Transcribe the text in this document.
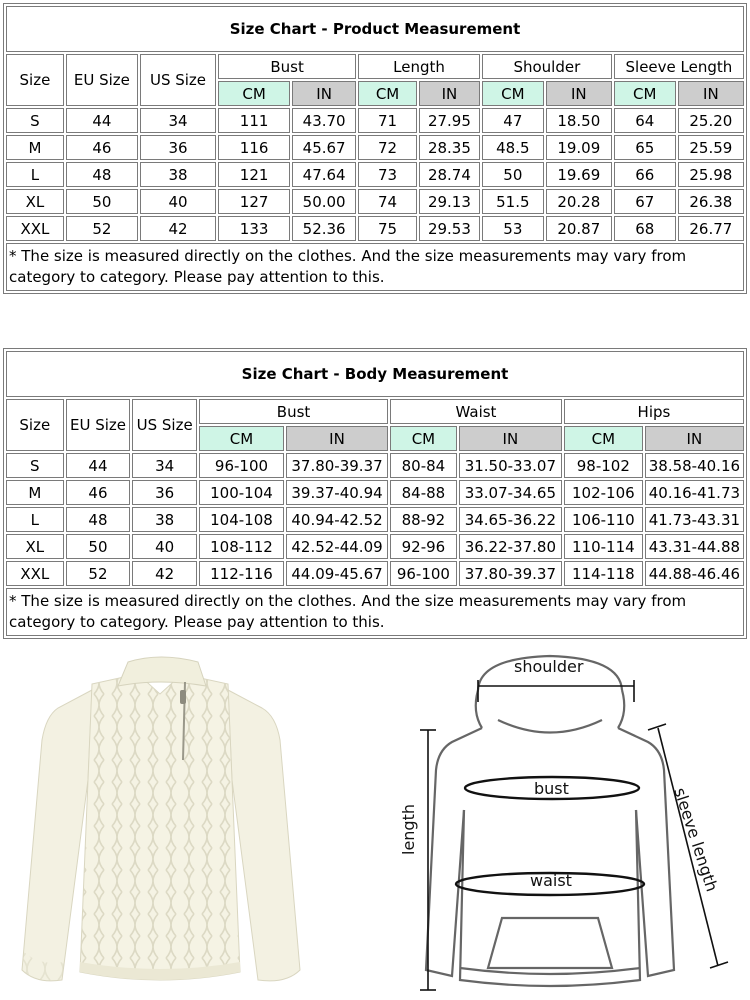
Size Chart - Product Measurement										
Size	EU Size	US Size	Bust		Length		Shoulder		Sleeve Length	
			CM	IN	CM	IN	CM	IN	CM	IN
S	44	34	111	43.70	71	27.95	47	18.50	64	25.20
M	46	36	116	45.67	72	28.35	48.5	19.09	65	25.59
L	48	38	121	47.64	73	28.74	50	19.69	66	25.98
XL	50	40	127	50.00	74	29.13	51.5	20.28	67	26.38
XXL	52	42	133	52.36	75	29.53	53	20.87	68	26.77
* The size is measured directly on the clothes. And the size measurements may vary from category to category. Please pay attention to this.										
Size Chart - Body Measurement								
Size	EU Size	US Size	Bust		Waist		Hips	
			CM	IN	CM	IN	CM	IN
S	44	34	96-100	37.80-39.37	80-84	31.50-33.07	98-102	38.58-40.16
M	46	36	100-104	39.37-40.94	84-88	33.07-34.65	102-106	40.16-41.73
L	48	38	104-108	40.94-42.52	88-92	34.65-36.22	106-110	41.73-43.31
XL	50	40	108-112	42.52-44.09	92-96	36.22-37.80	110-114	43.31-44.88
XXL	52	42	112-116	44.09-45.67	96-100	37.80-39.37	114-118	44.88-46.46
* The size is measured directly on the clothes. And the size measurements may vary from category to category. Please pay attention to this.								
shoulder
bust
waist
length	sleeve length
